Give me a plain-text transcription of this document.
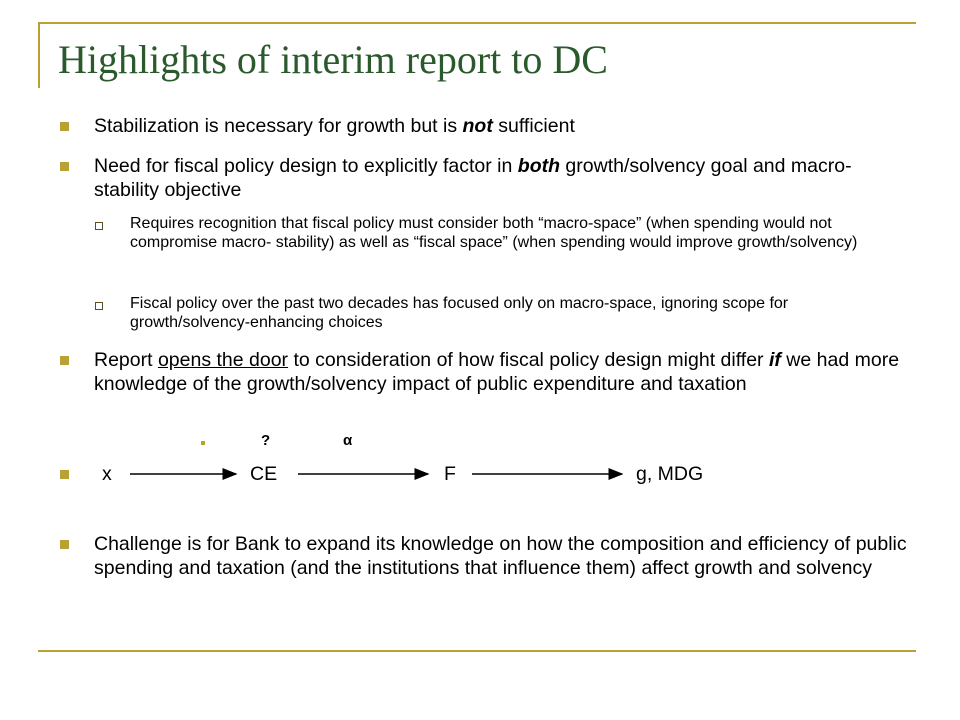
Highlights of interim report to DC

Stabilization is necessary for growth but is not sufficient

Need for fiscal policy design to explicitly factor in both growth/solvency goal and macro-stability objective

Requires recognition that fiscal policy must consider both “macro-space” (when spending would not compromise macro- stability) as well as “fiscal space” (when spending would improve growth/solvency)

Fiscal policy over the past two decades has focused only on macro-space, ignoring scope for growth/solvency-enhancing choices

Report opens the door to consideration of how fiscal policy design might differ if we had more knowledge of the growth/solvency impact of public expenditure and taxation

?	α
x	CE	F	g, MDG

Challenge is for Bank to expand its knowledge on how the composition and efficiency of public spending and taxation (and the institutions that influence them) affect growth and solvency
